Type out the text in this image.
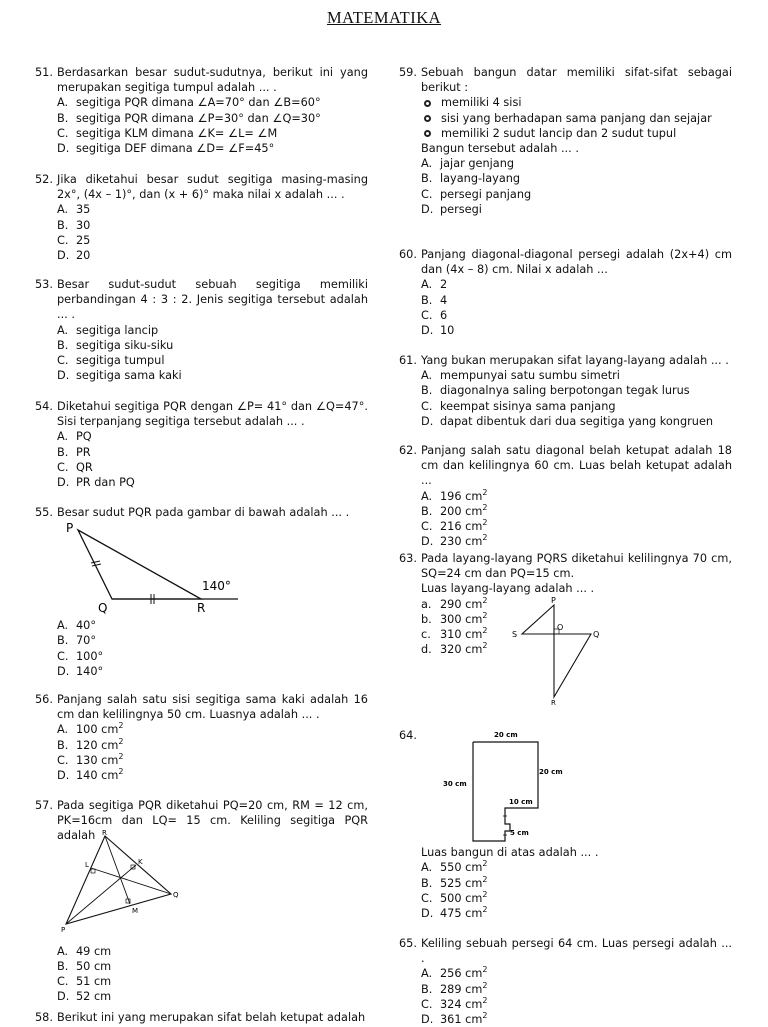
MATEMATIKA
51. Berdasarkan besar sudut-sudutnya, berikut ini yang merupakan segitiga tumpul adalah ... .
A. segitiga PQR dimana ∠A=70° dan ∠B=60°
B. segitiga PQR dimana ∠P=30° dan ∠Q=30°
C. segitiga KLM dimana ∠K= ∠L= ∠M
D. segitiga DEF dimana ∠D= ∠F=45°
52. Jika diketahui besar sudut segitiga masing-masing 2x°, (4x – 1)°, dan (x + 6)° maka nilai x adalah ... .
A. 35
B. 30
C. 25
D. 20
53. Besar sudut-sudut sebuah segitiga memiliki perbandingan 4 : 3 : 2. Jenis segitiga tersebut adalah ... .
A. segitiga lancip
B. segitiga siku-siku
C. segitiga tumpul
D. segitiga sama kaki
54. Diketahui segitiga PQR dengan ∠P= 41° dan ∠Q=47°. Sisi terpanjang segitiga tersebut adalah ... .
A. PQ
B. PR
C. QR
D. PR dan PQ
55. Besar sudut PQR pada gambar di bawah adalah ... .
A. 40°
B. 70°
C. 100°
D. 140°
56. Panjang salah satu sisi segitiga sama kaki adalah 16 cm dan kelilingnya 50 cm. Luasnya adalah ... .
A. 100 $cm^2$
B. 120 $cm^2$
C. 130 $cm^2$
D. 140 $cm^2$
57. Pada segitiga PQR diketahui PQ=20 cm, RM = 12 cm, PK=16cm dan LQ= 15 cm. Keliling segitiga PQR adalah
A. 49 cm
B. 50 cm
C. 51 cm
D. 52 cm
58. Berikut ini yang merupakan sifat belah ketupat adalah
59. Sebuah bangun datar memiliki sifat-sifat sebagai berikut :
memiliki 4 sisi
sisi yang berhadapan sama panjang dan sejajar
memiliki 2 sudut lancip dan 2 sudut tupul
Bangun tersebut adalah ... .
A. jajar genjang
B. layang-layang
C. persegi panjang
D. persegi
60. Panjang diagonal-diagonal persegi adalah (2x+4) cm dan (4x – 8) cm. Nilai x adalah ...
A. 2
B. 4
C. 6
D. 10
61. Yang bukan merupakan sifat layang-layang adalah ... .
A. mempunyai satu sumbu simetri
B. diagonalnya saling berpotongan tegak lurus
C. keempat sisinya sama panjang
D. dapat dibentuk dari dua segitiga yang kongruen
62. Panjang salah satu diagonal belah ketupat adalah 18 cm dan kelilingnya 60 cm. Luas belah ketupat adalah ...
A. 196 $cm^2$
B. 200 $cm^2$
C. 216 $cm^2$
D. 230 $cm^2$
63. Pada layang-layang PQRS diketahui kelilingnya 70 cm, SQ=24 cm dan PQ=15 cm.
Luas layang-layang adalah ... .
a. 290 $cm^2$
b. 300 $cm^2$
c. 310 $cm^2$
d. 320 $cm^2$
64.
Luas bangun di atas adalah ... .
A. 550 $cm^2$
B. 525 $cm^2$
C. 500 $cm^2$
D. 475 $cm^2$
65. Keliling sebuah persegi 64 cm. Luas persegi adalah ... .
A. 256 $cm^2$
B. 289 $cm^2$
C. 324 $cm^2$
D. 361 $cm^2$
P
Q	R
140°
R
L	K
Q
M
P
P
S
O
Q
R
20 cm
30 cm
20 cm
10 cm
5 cm
